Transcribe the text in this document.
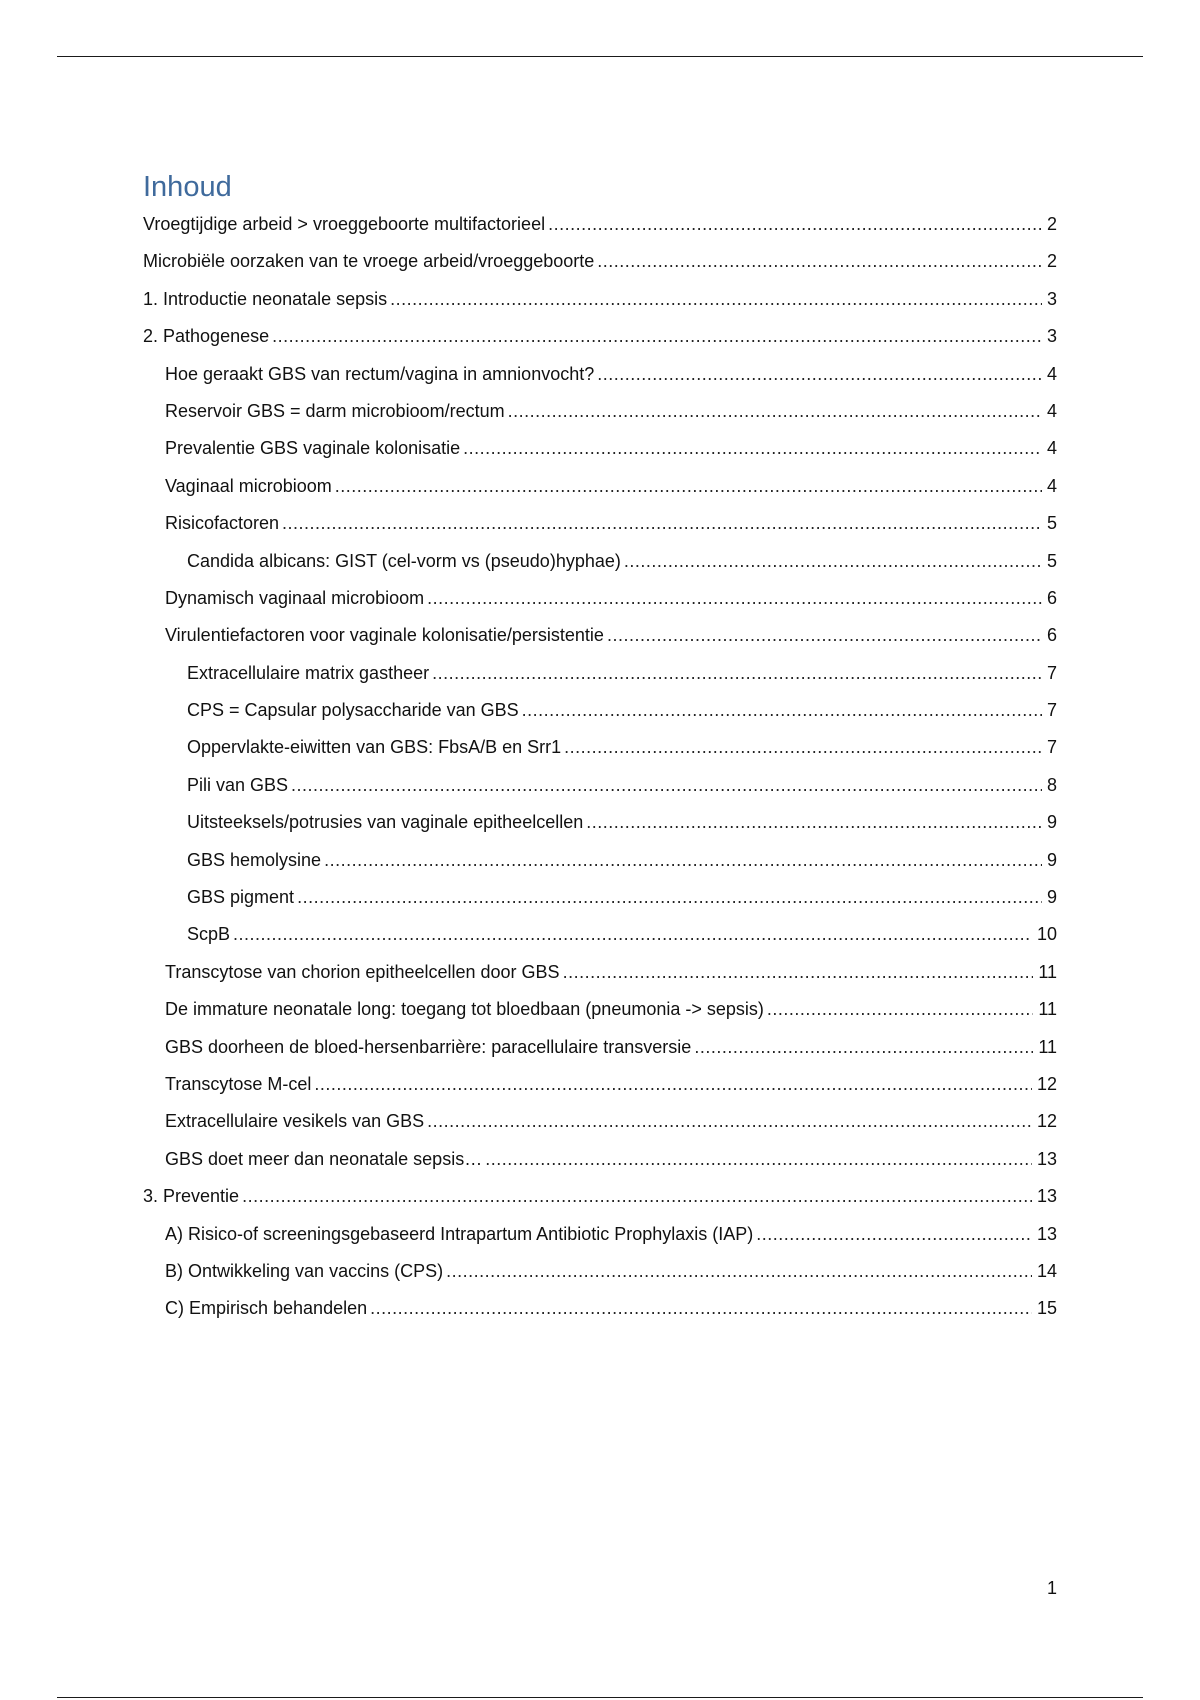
Inhoud
Vroegtijdige arbeid > vroeggeboorte multifactorieel .....	2
Microbiële oorzaken van te vroege arbeid/vroeggeboorte .....	2
1. Introductie neonatale sepsis .....	3
2. Pathogenese .....	3
Hoe geraakt GBS van rectum/vagina in amnionvocht? .....	4
Reservoir GBS = darm microbioom/rectum .....	4
Prevalentie GBS vaginale kolonisatie .....	4
Vaginaal microbioom .....	4
Risicofactoren .....	5
Candida albicans: GIST (cel-vorm vs (pseudo)hyphae) .....	5
Dynamisch vaginaal microbioom .....	6
Virulentiefactoren voor vaginale kolonisatie/persistentie .....	6
Extracellulaire matrix gastheer .....	7
CPS = Capsular polysaccharide van GBS .....	7
Oppervlakte-eiwitten van GBS: FbsA/B en Srr1 .....	7
Pili van GBS .....	8
Uitsteeksels/potrusies van vaginale epitheelcellen .....	9
GBS hemolysine .....	9
GBS pigment .....	9
ScpB .....	10
Transcytose van chorion epitheelcellen door GBS .....	11
De immature neonatale long: toegang tot bloedbaan (pneumonia -> sepsis) .....	11
GBS doorheen de bloed-hersenbarrière: paracellulaire transversie .....	11
Transcytose M-cel .....	12
Extracellulaire vesikels van GBS .....	12
GBS doet meer dan neonatale sepsis… .....	13
3. Preventie .....	13
A) Risico-of screeningsgebaseerd Intrapartum Antibiotic Prophylaxis (IAP) .....	13
B) Ontwikkeling van vaccins (CPS) .....	14
C) Empirisch behandelen .....	15
1
